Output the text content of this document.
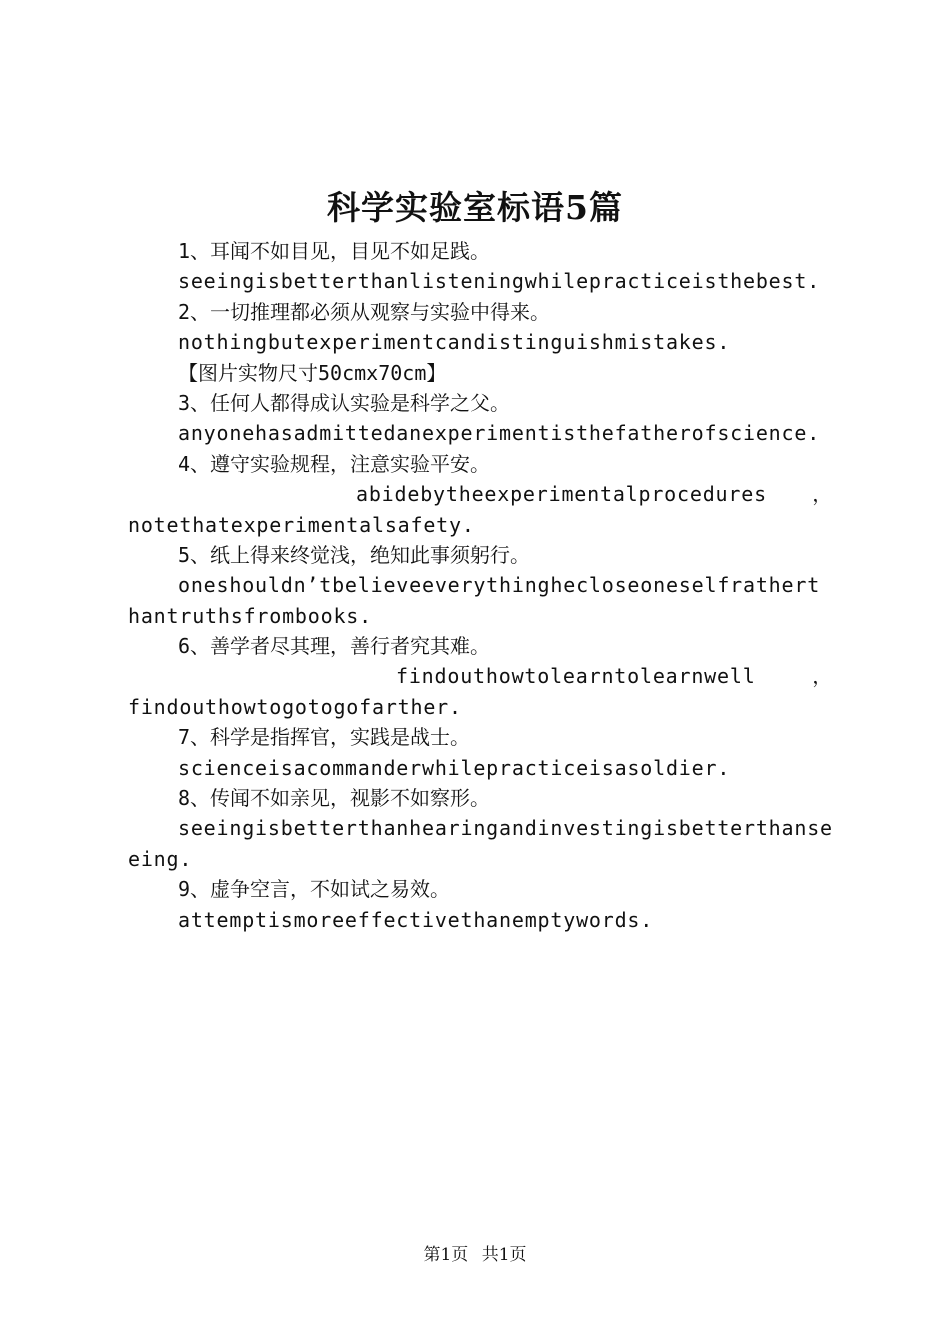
科学实验室标语5篇
1、耳闻不如目见，目见不如足践。
seeingisbetterthanlisteningwhilepracticeisthebest.
2、一切推理都必须从观察与实验中得来。
nothingbutexperimentcandistinguishmistakes.
【图片实物尺寸50cmx70cm】
3、任何人都得成认实验是科学之父。
anyonehasadmittedanexperimentisthefatherofscience.
4、遵守实验规程，注意实验平安。
abidebytheexperimentalprocedures ，
notethatexperimentalsafety.
5、纸上得来终觉浅，绝知此事须躬行。
oneshouldn’tbelieveeverythinghecloseoneselfrathert
hantruthsfrombooks.
6、善学者尽其理，善行者究其难。
findouthowtolearntolearnwell	，
findouthowtogotogofarther.
7、科学是指挥官，实践是战士。
scienceisacommanderwhilepracticeisasoldier.
8、传闻不如亲见，视影不如察形。
seeingisbetterthanhearingandinvestingisbetterthanse
eing.
9、虚争空言，不如试之易效。
attemptismoreeffectivethanemptywords.
第1页 共1页
